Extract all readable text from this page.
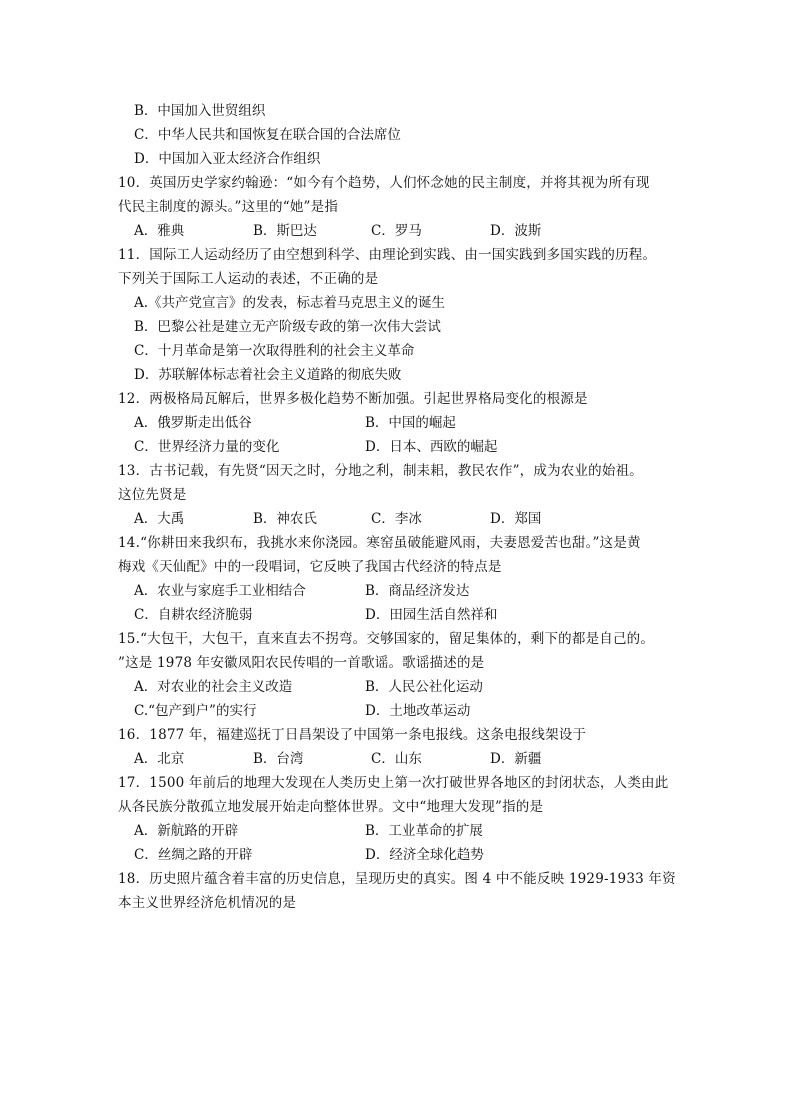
B．中国加入世贸组织
C．中华人民共和国恢复在联合国的合法席位
D．中国加入亚太经济合作组织
10．英国历史学家约翰逊：“如今有个趋势，人们怀念她的民主制度，并将其视为所有现
代民主制度的源头。”这里的“她”是指
A．雅典	B．斯巴达	C．罗马	D．波斯
11．国际工人运动经历了由空想到科学、由理论到实践、由一国实践到多国实践的历程。
下列关于国际工人运动的表述，不正确的是
A.《共产党宣言》的发表，标志着马克思主义的诞生
B．巴黎公社是建立无产阶级专政的第一次伟大尝试
C．十月革命是第一次取得胜利的社会主义革命
D．苏联解体标志着社会主义道路的彻底失败
12．两极格局瓦解后，世界多极化趋势不断加强。引起世界格局变化的根源是
A．俄罗斯走出低谷	B．中国的崛起
C．世界经济力量的变化	D．日本、西欧的崛起
13．古书记载，有先贤“因天之时，分地之利，制耒耜，教民农作”，成为农业的始祖。
这位先贤是
A．大禹	B．神农氏	C．李冰	D．郑国
14.“你耕田来我织布，我挑水来你浇园。寒窑虽破能避风雨，夫妻恩爱苦也甜。”这是黄
梅戏《天仙配》中的一段唱词，它反映了我国古代经济的特点是
A．农业与家庭手工业相结合	B．商品经济发达
C．自耕农经济脆弱	D．田园生活自然祥和
15.“大包干，大包干，直来直去不拐弯。交够国家的，留足集体的，剩下的都是自己的。
”这是 1978 年安徽凤阳农民传唱的一首歌谣。歌谣描述的是
A．对农业的社会主义改造	B．人民公社化运动
C.“包产到户”的实行	D．土地改革运动
16．1877 年，福建巡抚丁日昌架设了中国第一条电报线。这条电报线架设于
A．北京	B．台湾	C．山东	D．新疆
17．1500 年前后的地理大发现在人类历史上第一次打破世界各地区的封闭状态，人类由此
从各民族分散孤立地发展开始走向整体世界。文中“地理大发现”指的是
A．新航路的开辟	B．工业革命的扩展
C．丝绸之路的开辟	D．经济全球化趋势
18．历史照片蕴含着丰富的历史信息，呈现历史的真实。图 4 中不能反映 1929-1933 年资
本主义世界经济危机情况的是
